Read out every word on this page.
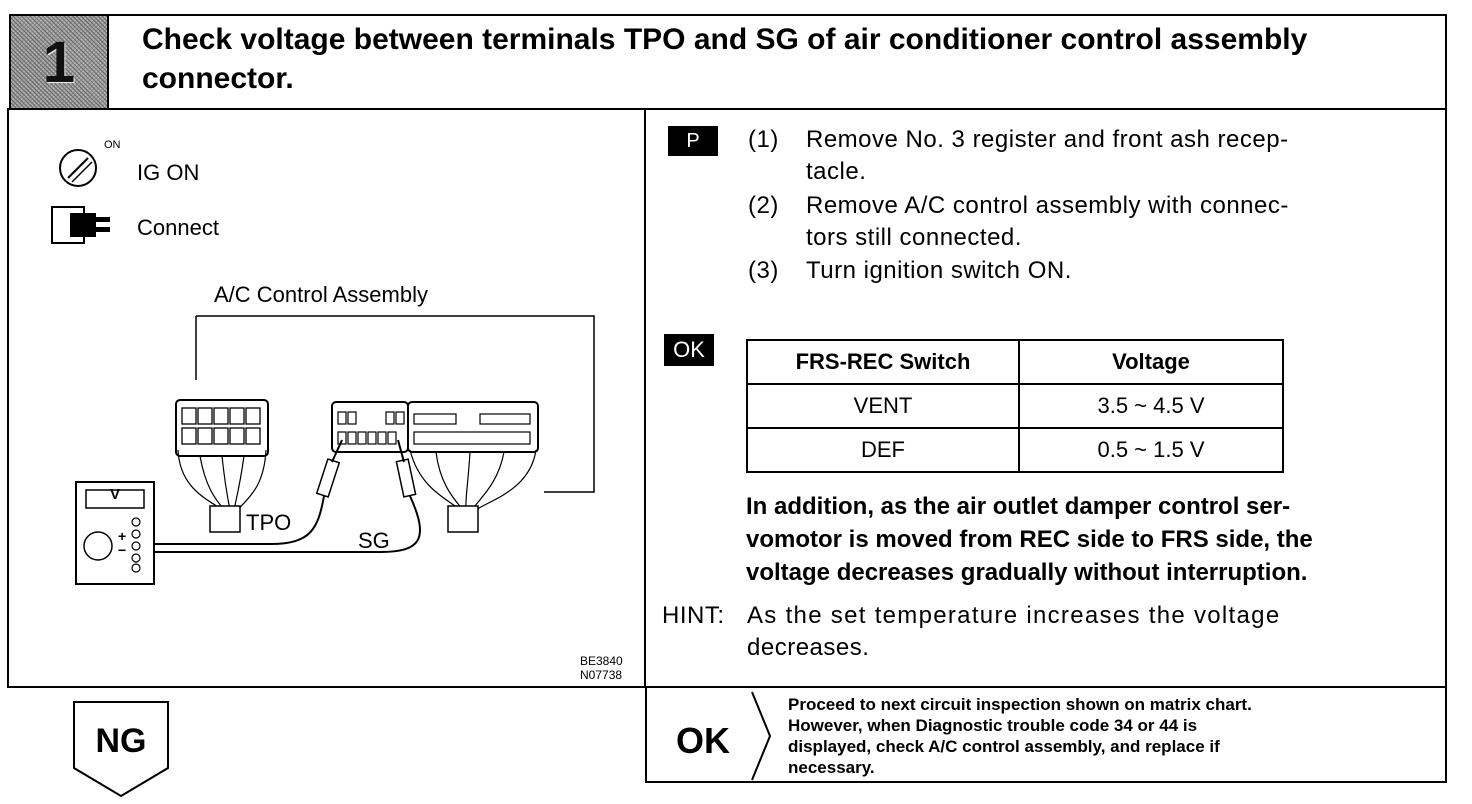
1	Check voltage between terminals TPO and SG of air conditioner control assembly connector.
ON
IG ON
Connect
A/C Control Assembly
V
+
−
TPO
SG
BE3840
N07738
P	(1) Remove No. 3 register and front ash recep-
tacle.
(2) Remove A/C control assembly with connec-
tors still connected.
(3) Turn ignition switch ON.
OK	FRS-REC Switch	Voltage
VENT	3.5 ~ 4.5 V
DEF	0.5 ~ 1.5 V
In addition, as the air outlet damper control ser-
vomotor is moved from REC side to FRS side, the
voltage decreases gradually without interruption.
HINT: As the set temperature increases the voltage
decreases.
NG	OK
Proceed to next circuit inspection shown on matrix chart.
However, when Diagnostic trouble code 34 or 44 is
displayed, check A/C control assembly, and replace if
necessary.
